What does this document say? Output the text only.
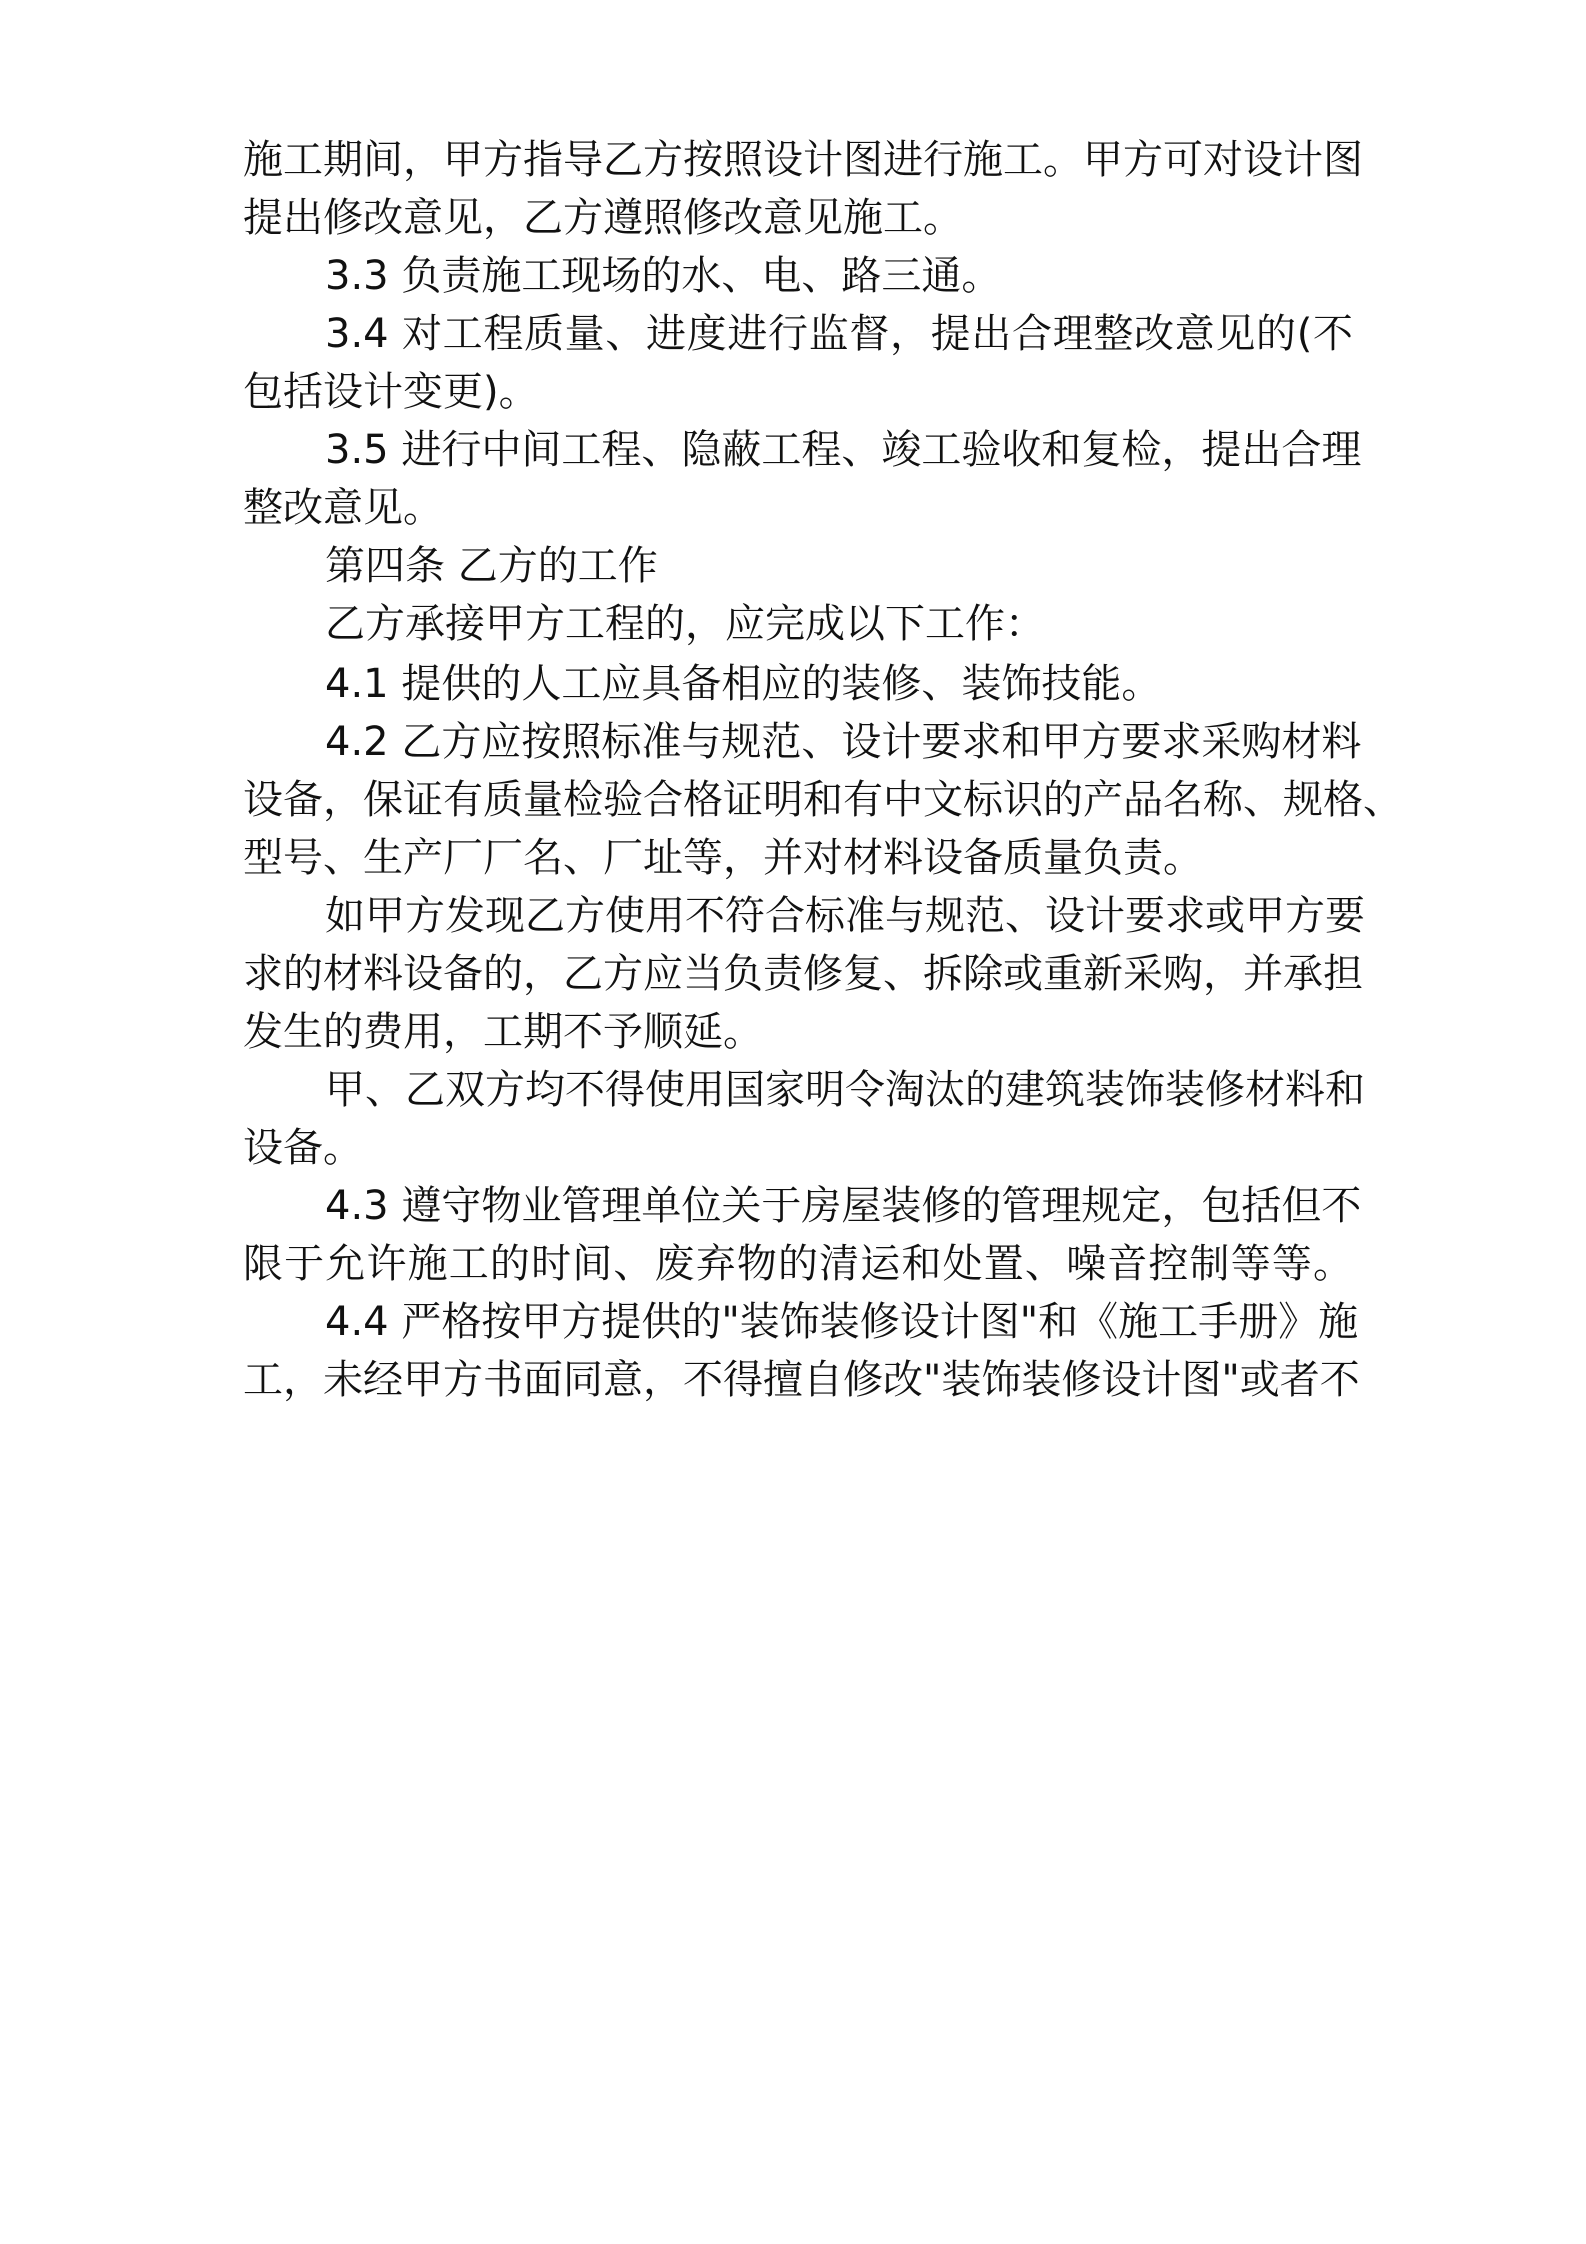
施工期间，甲方指导乙方按照设计图进行施工。甲方可对设计图
提出修改意见，乙方遵照修改意见施工。
3.3 负责施工现场的水、电、路三通。
3.4 对工程质量、进度进行监督，提出合理整改意见的(不
包括设计变更)。
3.5 进行中间工程、隐蔽工程、竣工验收和复检，提出合理
整改意见。
第四条 乙方的工作
乙方承接甲方工程的，应完成以下工作：
4.1 提供的人工应具备相应的装修、装饰技能。
4.2 乙方应按照标准与规范、设计要求和甲方要求采购材料
设备，保证有质量检验合格证明和有中文标识的产品名称、规格、
型号、生产厂厂名、厂址等，并对材料设备质量负责。
如甲方发现乙方使用不符合标准与规范、设计要求或甲方要
求的材料设备的，乙方应当负责修复、拆除或重新采购，并承担
发生的费用，工期不予顺延。
甲、乙双方均不得使用国家明令淘汰的建筑装饰装修材料和
设备。
4.3 遵守物业管理单位关于房屋装修的管理规定，包括但不
限于允许施工的时间、废弃物的清运和处置、噪音控制等等。
4.4 严格按甲方提供的"装饰装修设计图"和《施工手册》施
工，未经甲方书面同意，不得擅自修改"装饰装修设计图"或者不
